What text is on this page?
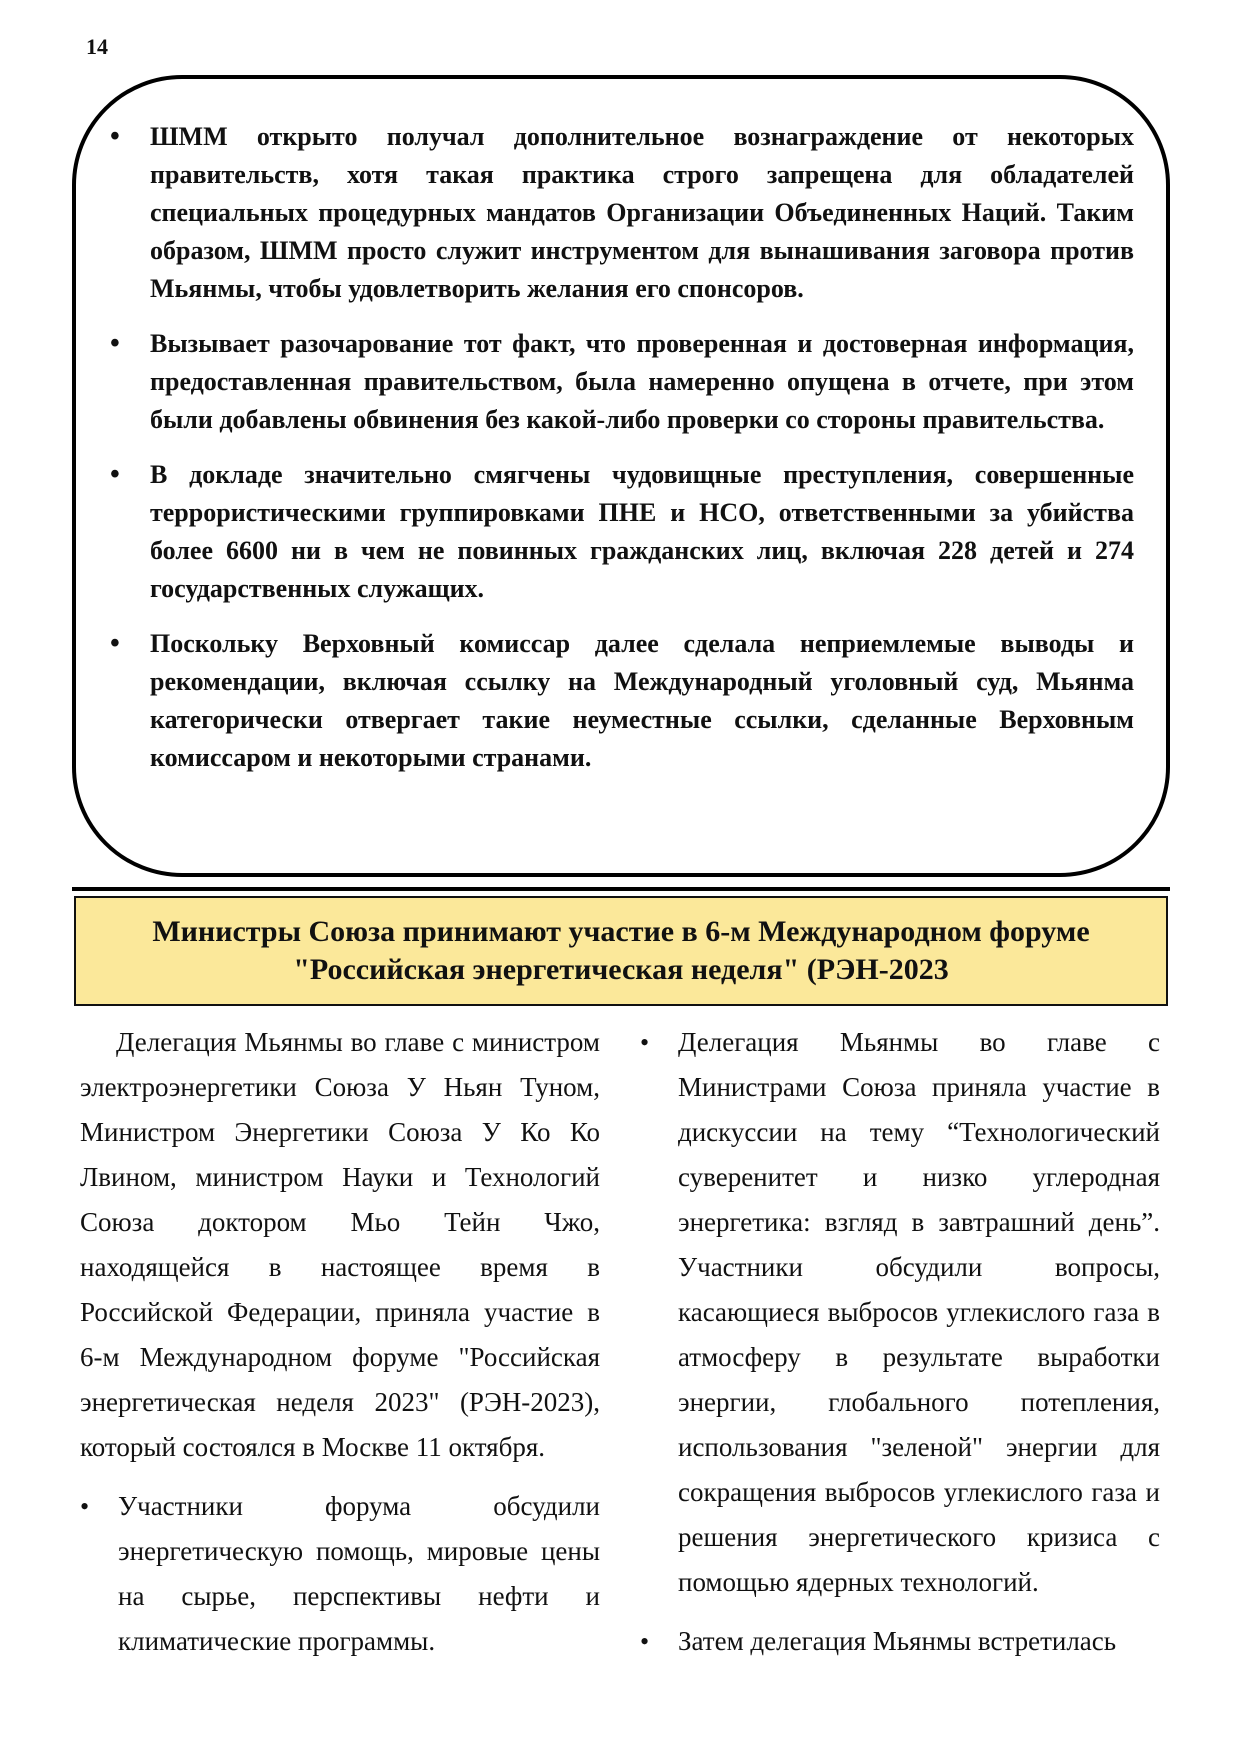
14
• ШММ открыто получал дополнительное вознаграждение от некоторых правительств, хотя такая практика строго запрещена для обладателей специальных процедурных мандатов Организации Объединенных Наций. Таким образом, ШММ просто служит инструментом для вынашивания заговора против Мьянмы, чтобы удовлетворить желания его спонсоров.
• Вызывает разочарование тот факт, что проверенная и достоверная информация, предоставленная правительством, была намеренно опущена в отчете, при этом были добавлены обвинения без какой-либо проверки со стороны правительства.
• В докладе значительно смягчены чудовищные преступления, совершенные террористическими группировками ПНЕ и НСО, ответственными за убийства более 6600 ни в чем не повинных гражданских лиц, включая 228 детей и 274 государственных служащих.
• Поскольку Верховный комиссар далее сделала неприемлемые выводы и рекомендации, включая ссылку на Международный уголовный суд, Мьянма категорически отвергает такие неуместные ссылки, сделанные Верховным комиссаром и некоторыми странами.
Министры Союза принимают участие в 6-м Международном форуме
"Российская энергетическая неделя" (РЭН-2023

Делегация Мьянмы во главе с министром электроэнергетики Союза У Ньян Туном, Министром Энергетики Союза У Ко Ко Лвином, министром Науки и Технологий Союза доктором Мьо Тейн Чжо, находящейся в настоящее время в Российской Федерации, приняла участие в 6-м Международном форуме "Российская энергетическая неделя 2023" (РЭН-2023), который состоялся в Москве 11 октября.

• Участники форума обсудили энергетическую помощь, мировые цены на сырье, перспективы нефти и климатические программы.
• Делегация Мьянмы во главе с Министрами Союза приняла участие в дискуссии на тему “Технологический суверенитет и низко углеродная энергетика: взгляд в завтрашний день”. Участники обсудили вопросы, касающиеся выбросов углекислого газа в атмосферу в результате выработки энергии, глобального потепления, использования "зеленой" энергии для сокращения выбросов углекислого газа и решения энергетического кризиса с помощью ядерных технологий.
• Затем делегация Мьянмы встретилась
